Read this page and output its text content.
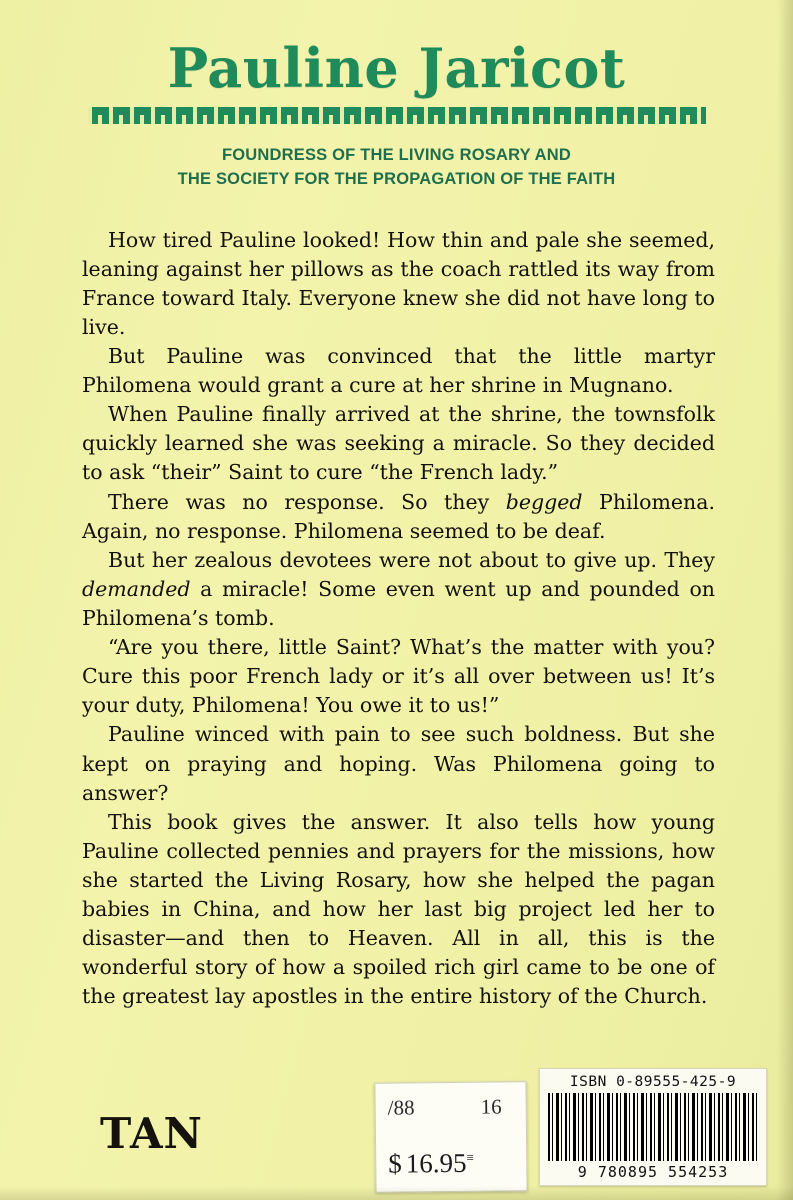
Pauline Jaricot
FOUNDRESS OF THE LIVING ROSARY AND
THE SOCIETY FOR THE PROPAGATION OF THE FAITH

How tired Pauline looked! How thin and pale she seemed, leaning against her pillows as the coach rattled its way from France toward Italy. Everyone knew she did not have long to live.

But Pauline was convinced that the little martyr Philomena would grant a cure at her shrine in Mugnano.

When Pauline finally arrived at the shrine, the townsfolk quickly learned she was seeking a miracle. So they decided to ask “their” Saint to cure “the French lady.”

There was no response. So they begged Philomena. Again, no response. Philomena seemed to be deaf.

But her zealous devotees were not about to give up. They demanded a miracle! Some even went up and pounded on Philomena’s tomb.

“Are you there, little Saint? What’s the matter with you? Cure this poor French lady or it’s all over between us! It’s your duty, Philomena! You owe it to us!”

Pauline winced with pain to see such boldness. But she kept on praying and hoping. Was Philomena going to answer?

This book gives the answer. It also tells how young Pauline collected pennies and prayers for the missions, how she started the Living Rosary, how she helped the pagan babies in China, and how her last big project led her to disaster—and then to Heaven. All in all, this is the wonderful story of how a spoiled rich girl came to be one of the greatest lay apostles in the entire history of the Church.

TAN
/88	16
$ 16.95≡
ISBN 0-89555-425-9
9 780895 554253
